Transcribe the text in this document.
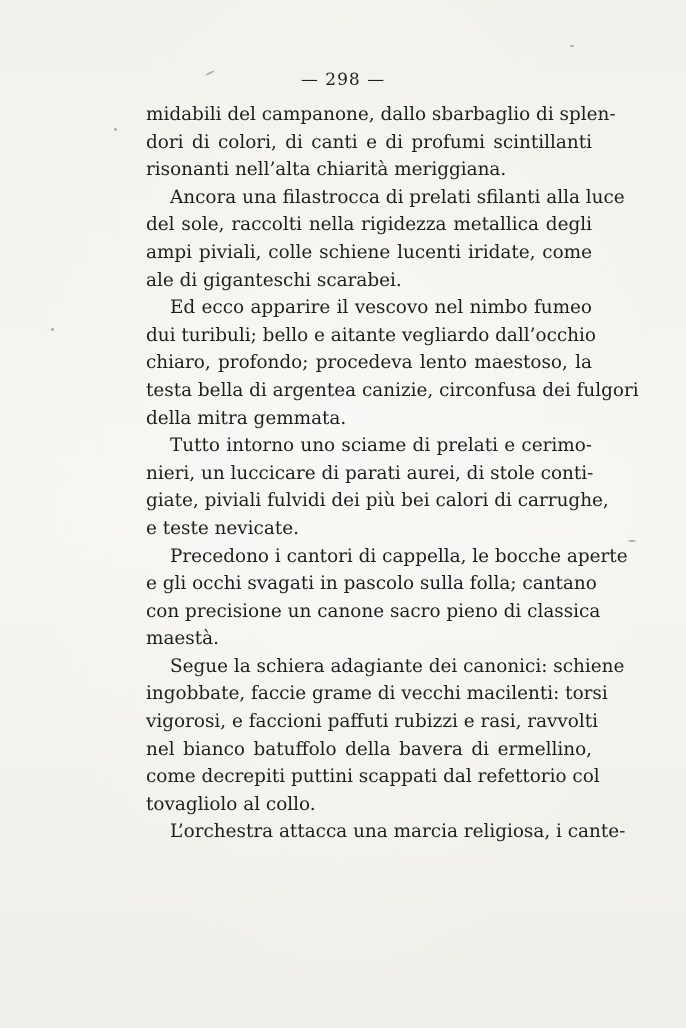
— 298 —
midabili del campanone, dallo sbarbaglio di splen-
dori di colori, di canti e di profumi scintillanti
risonanti nell’alta chiarità meriggiana.
Ancora una filastrocca di prelati sfilanti alla luce
del sole, raccolti nella rigidezza metallica degli
ampi piviali, colle schiene lucenti iridate, come
ale di giganteschi scarabei.
Ed ecco apparire il vescovo nel nimbo fumeo
dui turibuli; bello e aitante vegliardo dall’occhio
chiaro, profondo; procedeva lento maestoso, la
testa bella di argentea canizie, circonfusa dei fulgori
della mitra gemmata.
Tutto intorno uno sciame di prelati e cerimo-
nieri, un luccicare di parati aurei, di stole conti-
giate, piviali fulvidi dei più bei calori di carrughe,
e teste nevicate.
Precedono i cantori di cappella, le bocche aperte
e gli occhi svagati in pascolo sulla folla; cantano
con precisione un canone sacro pieno di classica
maestà.
Segue la schiera adagiante dei canonici: schiene
ingobbate, faccie grame di vecchi macilenti: torsi
vigorosi, e faccioni paffuti rubizzi e rasi, ravvolti
nel bianco batuffolo della bavera di ermellino,
come decrepiti puttini scappati dal refettorio col
tovagliolo al collo.
L’orchestra attacca una marcia religiosa, i cante-
